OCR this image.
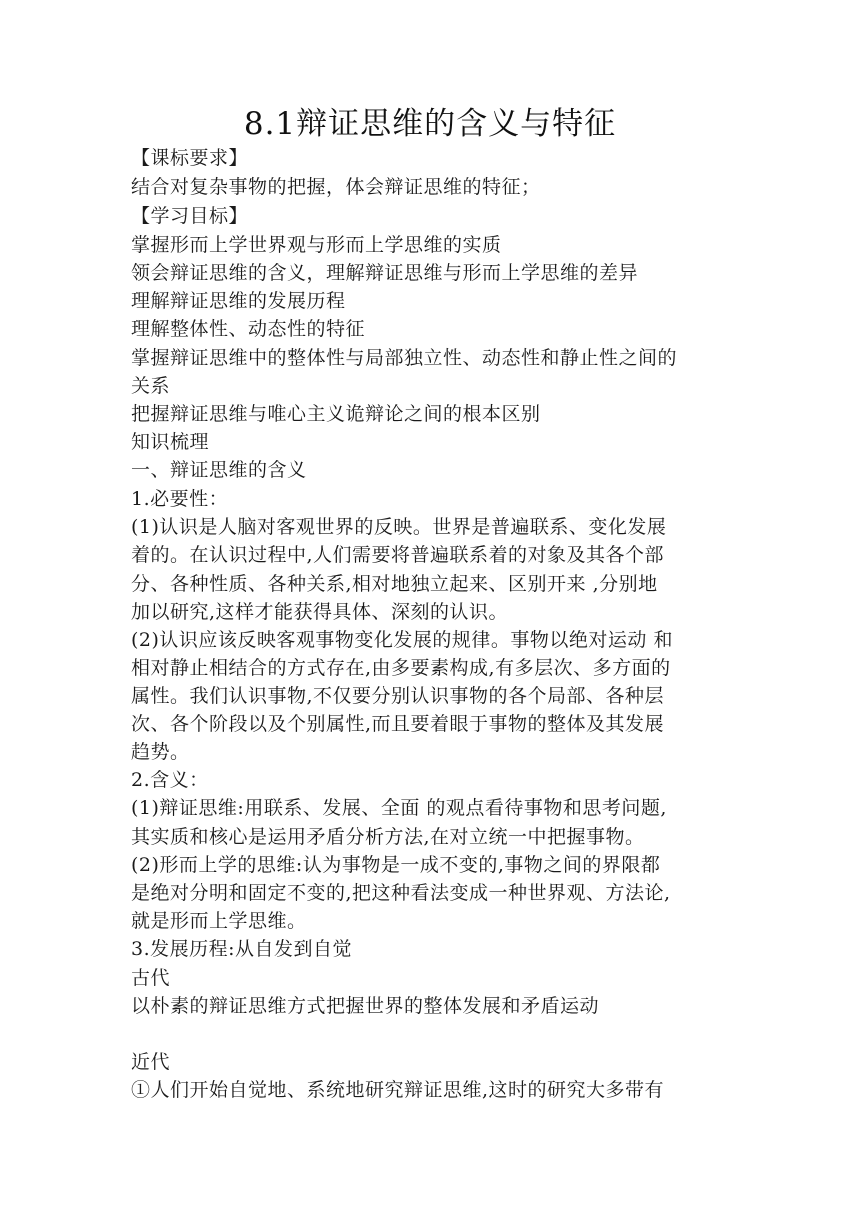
8.1辩证思维的含义与特征
【课标要求】
结合对复杂事物的把握，体会辩证思维的特征；
【学习目标】
掌握形而上学世界观与形而上学思维的实质
领会辩证思维的含义，理解辩证思维与形而上学思维的差异
理解辩证思维的发展历程
理解整体性、动态性的特征
掌握辩证思维中的整体性与局部独立性、动态性和静止性之间的
关系
把握辩证思维与唯心主义诡辩论之间的根本区别
知识梳理
一、辩证思维的含义
1.必要性：
(1)认识是人脑对客观世界的反映。世界是普遍联系、变化发展
着的。在认识过程中,人们需要将普遍联系着的对象及其各个部
分、各种性质、各种关系,相对地独立起来、区别开来 ,分别地
加以研究,这样才能获得具体、深刻的认识。
(2)认识应该反映客观事物变化发展的规律。事物以绝对运动 和
相对静止相结合的方式存在,由多要素构成,有多层次、多方面的
属性。我们认识事物,不仅要分别认识事物的各个局部、各种层
次、各个阶段以及个别属性,而且要着眼于事物的整体及其发展
趋势。
2.含义：
(1)辩证思维:用联系、发展、全面 的观点看待事物和思考问题,
其实质和核心是运用矛盾分析方法,在对立统一中把握事物。
(2)形而上学的思维:认为事物是一成不变的,事物之间的界限都
是绝对分明和固定不变的,把这种看法变成一种世界观、方法论,
就是形而上学思维。
3.发展历程:从自发到自觉
古代
以朴素的辩证思维方式把握世界的整体发展和矛盾运动
近代
①人们开始自觉地、系统地研究辩证思维,这时的研究大多带有
